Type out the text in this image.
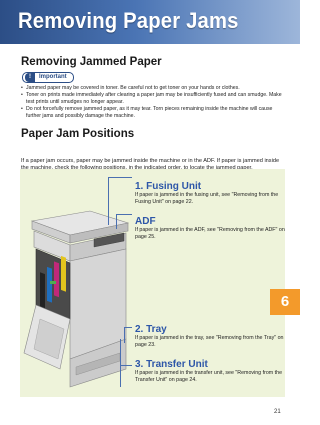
Removing Paper Jams
Removing Jammed Paper
!	Important
• Jammed paper may be covered in toner. Be careful not to get toner on your hands or clothes.
• Toner on prints made immediately after clearing a paper jam may be insufficiently fused and can smudge. Make test prints until smudges no longer appear.
• Do not forcefully remove jammed paper, as it may tear. Torn pieces remaining inside the machine will cause further jams and possibly damage the machine.
Paper Jam Positions
If a paper jam occurs, paper may be jammed inside the machine or in the ADF. If paper is jammed inside
1. Fusing Unit
If paper is jammed in the fusing unit, see "Removing from the Fusing Unit" on page 22.
ADF
If paper is jammed in the ADF, see "Removing from the ADF" on page 25.
2. Tray
If paper is jammed in the tray, see "Removing from the Tray" on page 23.
3. Transfer Unit
If paper is jammed in the transfer unit, see "Removing from the Transfer Unit" on page 24.
6
21
